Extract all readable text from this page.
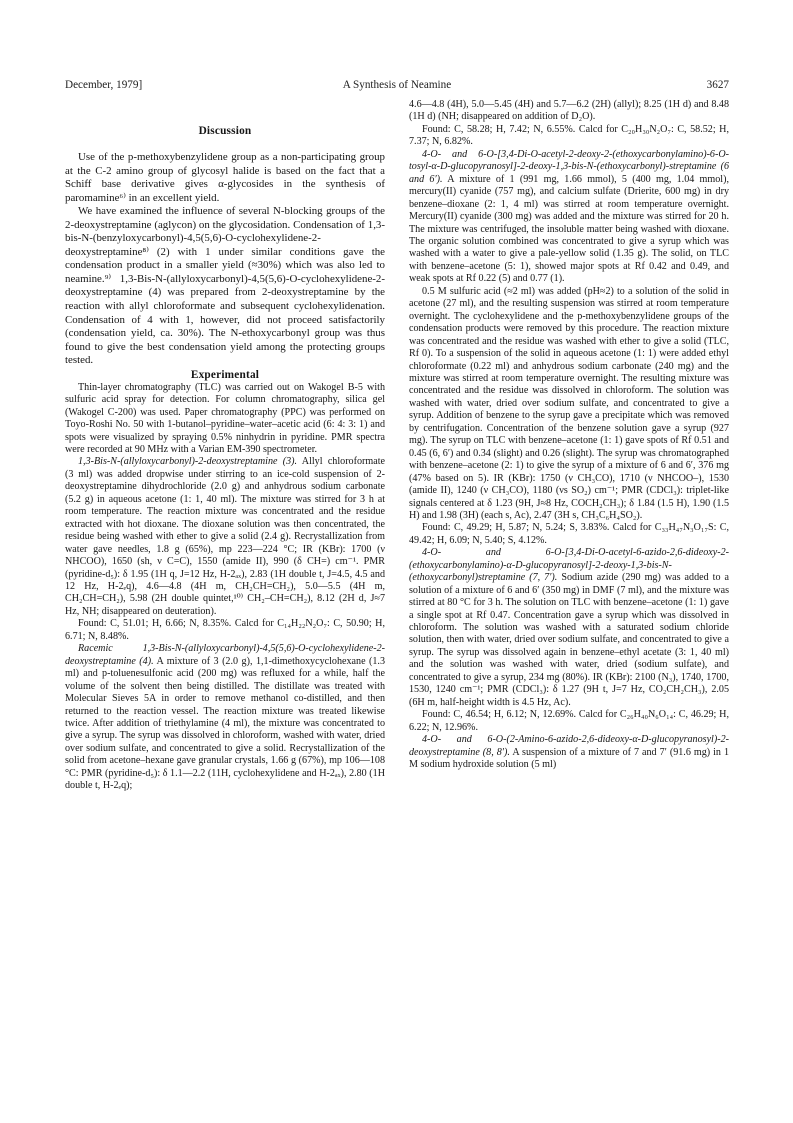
December, 1979]	A Synthesis of Neamine	3627
Discussion

Use of the p-methoxybenzylidene group as a non-participating group at the C-2 amino group of glycosyl halide is based on the fact that a Schiff base derivative gives α-glycosides in the synthesis of paromamine⁶⁾ in an excellent yield.

We have examined the influence of several N-blocking groups of the 2-deoxystreptamine (aglycon) on the glycosidation. Condensation of 1,3-bis-N-(benzyloxycarbonyl)-4,5(5,6)-O-cyclohexylidene-2-deoxystreptamine⁸⁾ (2) with 1 under similar conditions gave the condensation product in a smaller yield (≈30%) which was also led to neamine.⁹⁾ 1,3-Bis-N-(allyloxycarbonyl)-4,5(5,6)-O-cyclohexylidene-2-deoxystreptamine (4) was prepared from 2-deoxystreptamine by the reaction with allyl chloroformate and subsequent cyclohexylidenation. Condensation of 4 with 1, however, did not proceed satisfactorily (condensation yield, ca. 30%). The N-ethoxycarbonyl group was thus found to give the best condensation yield among the protecting groups tested.

Experimental

Thin-layer chromatography (TLC) was carried out on Wakogel B-5 with sulfuric acid spray for detection. For column chromatography, silica gel (Wakogel C-200) was used. Paper chromatography (PPC) was performed on Toyo-Roshi No. 50 with 1-butanol–pyridine–water–acetic acid (6: 4: 3: 1) and spots were visualized by spraying 0.5% ninhydrin in pyridine. PMR spectra were recorded at 90 MHz with a Varian EM-390 spectrometer.

1,3-Bis-N-(allyloxycarbonyl)-2-deoxystreptamine (3). Allyl chloroformate (3 ml) was added dropwise under stirring to an ice-cold suspension of 2-deoxystreptamine dihydrochloride (2.0 g) and anhydrous sodium carbonate (5.2 g) in aqueous acetone (1: 1, 40 ml). The mixture was stirred for 3 h at room temperature. The reaction mixture was concentrated and the residue extracted with hot dioxane. The dioxane solution was then concentrated, the residue being washed with ether to give a solid (2.4 g). Recrystallization from water gave needles, 1.8 g (65%), mp 223—224 °C; IR (KBr): 1700 (ν NHCOO), 1650 (sh, ν C=C), 1550 (amide II), 990 (δ CH=) cm⁻¹. PMR (pyridine-d₅): δ 1.95 (1H q, J=12 Hz, H-2ₐₓ), 2.83 (1H double t, J=4.5, 4.5 and 12 Hz, H-2ₑq), 4.6—4.8 (4H m, CH₂CH=CH₂), 5.0—5.5 (4H m, CH₂CH=CH₂), 5.98 (2H double quintet,¹⁰⁾ CH₂–CH=CH₂), 8.12 (2H d, J≈7 Hz, NH; disappeared on deuteration).

Found: C, 51.01; H, 6.66; N, 8.35%. Calcd for C₁₄H₂₂N₂O₇: C, 50.90; H, 6.71; N, 8.48%.

Racemic 1,3-Bis-N-(allyloxycarbonyl)-4,5(5,6)-O-cyclohexylidene-2-deoxystreptamine (4). A mixture of 3 (2.0 g), 1,1-dimethoxycyclohexane (1.3 ml) and p-toluenesulfonic acid (200 mg) was refluxed for a while, half the volume of the solvent then being distilled. The distillate was treated with Molecular Sieves 5A in order to remove methanol co-distilled, and then returned to the reaction vessel. The reaction mixture was treated likewise twice. After addition of triethylamine (4 ml), the mixture was concentrated to give a syrup. The syrup was dissolved in chloroform, washed with water, dried over sodium sulfate, and concentrated to give a solid. Recrystallization of the solid from acetone–hexane gave granular crystals, 1.66 g (67%), mp 106—108 °C: PMR (pyridine-d₅): δ 1.1—2.2 (11H, cyclohexylidene and H-2ₐₓ), 2.80 (1H double t, H-2ₑq);

4.6—4.8 (4H), 5.0—5.45 (4H) and 5.7—6.2 (2H) (allyl); 8.25 (1H d) and 8.48 (1H d) (NH; disappeared on addition of D₂O).

Found: C, 58.28; H, 7.42; N, 6.55%. Calcd for C₂₀H₃₀N₂O₇: C, 58.52; H, 7.37; N, 6.82%.

4-O- and 6-O-[3,4-Di-O-acetyl-2-deoxy-2-(ethoxycarbonylamino)-6-O-tosyl-α-D-glucopyranosyl]-2-deoxy-1,3-bis-N-(ethoxycarbonyl)-streptamine (6 and 6′). A mixture of 1 (991 mg, 1.66 mmol), 5 (400 mg, 1.04 mmol), mercury(II) cyanide (757 mg), and calcium sulfate (Drierite, 600 mg) in dry benzene–dioxane (2: 1, 4 ml) was stirred at room temperature overnight. Mercury(II) cyanide (300 mg) was added and the mixture was stirred for 20 h. The mixture was centrifuged, the insoluble matter being washed with dioxane. The organic solution combined was concentrated to give a syrup which was washed with a water to give a pale-yellow solid (1.35 g). The solid, on TLC with benzene–acetone (5: 1), showed major spots at Rf 0.42 and 0.49, and weak spots at Rf 0.22 (5) and 0.77 (1).

0.5 M sulfuric acid (≈2 ml) was added (pH≈2) to a solution of the solid in acetone (27 ml), and the resulting suspension was stirred at room temperature overnight. The cyclohexylidene and the p-methoxybenzylidene groups of the condensation products were removed by this procedure. The reaction mixture was concentrated and the residue was washed with ether to give a solid (TLC, Rf 0). To a suspension of the solid in aqueous acetone (1: 1) were added ethyl chloroformate (0.22 ml) and anhydrous sodium carbonate (240 mg) and the mixture was stirred at room temperature overnight. The resulting mixture was concentrated and the residue was dissolved in chloroform. The solution was washed with water, dried over sodium sulfate, and concentrated to give a syrup. Addition of benzene to the syrup gave a precipitate which was removed by centrifugation. Concentration of the benzene solution gave a syrup (927 mg). The syrup on TLC with benzene–acetone (1: 1) gave spots of Rf 0.51 and 0.45 (6, 6′) and 0.34 (slight) and 0.26 (slight). The syrup was chromatographed with benzene–acetone (2: 1) to give the syrup of a mixture of 6 and 6′, 376 mg (47% based on 5). IR (KBr): 1750 (ν CH₃CO), 1710 (ν NHCOO–), 1530 (amide II), 1240 (ν CH₃CO), 1180 (νs SO₂) cm⁻¹; PMR (CDCl₃): triplet-like signals centered at δ 1.23 (9H, J≈8 Hz, COCH₂CH₃); δ 1.84 (1.5 H), 1.90 (1.5 H) and 1.98 (3H) (each s, Ac), 2.47 (3H s, CH₃C₆H₄SO₂).

Found: C, 49.29; H, 5.87; N, 5.24; S, 3.83%. Calcd for C₃₃H₄₇N₃O₁₇S: C, 49.42; H, 6.09; N, 5.40; S, 4.12%.

4-O- and 6-O-[3,4-Di-O-acetyl-6-azido-2,6-dideoxy-2-(ethoxycarbonylamino)-α-D-glucopyranosyl]-2-deoxy-1,3-bis-N-(ethoxycarbonyl)streptamine (7, 7′). Sodium azide (290 mg) was added to a solution of a mixture of 6 and 6′ (350 mg) in DMF (7 ml), and the mixture was stirred at 80 °C for 3 h. The solution on TLC with benzene–acetone (1: 1) gave a single spot at Rf 0.47. Concentration gave a syrup which was dissolved in chloroform. The solution was washed with a saturated sodium chloride solution, then with water, dried over sodium sulfate, and concentrated to give a syrup. The syrup was dissolved again in benzene–ethyl acetate (3: 1, 40 ml) and the solution was washed with water, dried (sodium sulfate), and concentrated to give a syrup, 234 mg (80%). IR (KBr): 2100 (N₃), 1740, 1700, 1530, 1240 cm⁻¹; PMR (CDCl₃): δ 1.27 (9H t, J=7 Hz, CO₂CH₂CH₃), 2.05 (6H m, half-height width is 4.5 Hz, Ac).

Found: C, 46.54; H, 6.12; N, 12.69%. Calcd for C₂₆H₄₀N₆O₁₄: C, 46.29; H, 6.22; N, 12.96%.

4-O- and 6-O-(2-Amino-6-azido-2,6-dideoxy-α-D-glucopyranosyl)-2-deoxystreptamine (8, 8′). A suspension of a mixture of 7 and 7′ (91.6 mg) in 1 M sodium hydroxide solution (5 ml)
